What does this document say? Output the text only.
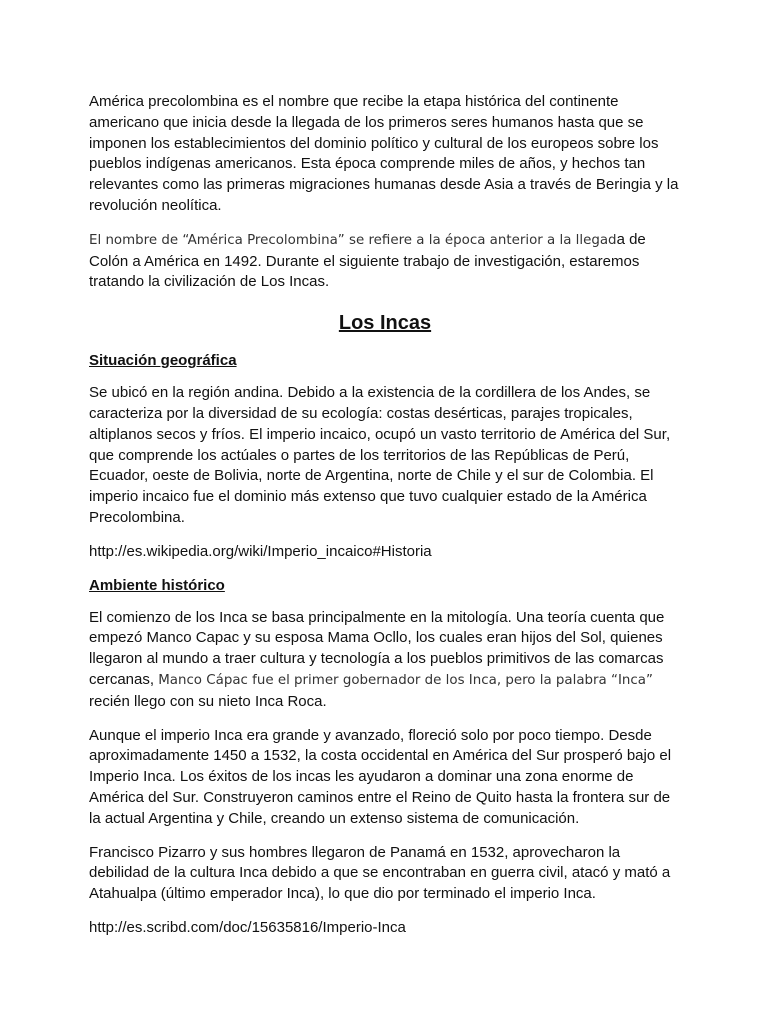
América precolombina es el nombre que recibe la etapa histórica del continente americano que inicia desde la llegada de los primeros seres humanos hasta que se imponen los establecimientos del dominio político y cultural de los europeos sobre los pueblos indígenas americanos. Esta época comprende miles de años, y hechos tan relevantes como las primeras migraciones humanas desde Asia a través de Beringia y la revolución neolítica.

El nombre de “América Precolombina” se refiere a la época anterior a la llegada de Colón a América en 1492. Durante el siguiente trabajo de investigación, estaremos tratando la civilización de Los Incas.

Los Incas
Situación geográfica

Se ubicó en la región andina. Debido a la existencia de la cordillera de los Andes, se caracteriza por la diversidad de su ecología: costas desérticas, parajes tropicales, altiplanos secos y fríos. El imperio incaico, ocupó un vasto territorio de América del Sur, que comprende los actúales o partes de los territorios de las Repúblicas de Perú, Ecuador, oeste de Bolivia, norte de Argentina, norte de Chile y el sur de Colombia. El imperio incaico fue el dominio más extenso que tuvo cualquier estado de la América Precolombina.

http://es.wikipedia.org/wiki/Imperio_incaico#Historia

Ambiente histórico

El comienzo de los Inca se basa principalmente en la mitología. Una teoría cuenta que empezó Manco Capac y su esposa Mama Ocllo, los cuales eran hijos del Sol, quienes llegaron al mundo a traer cultura y tecnología a los pueblos primitivos de las comarcas cercanas, Manco Cápac fue el primer gobernador de los Inca, pero la palabra “Inca” recién llego con su nieto Inca Roca.

Aunque el imperio Inca era grande y avanzado, floreció solo por poco tiempo. Desde aproximadamente 1450 a 1532, la costa occidental en América del Sur prosperó bajo el Imperio Inca. Los éxitos de los incas les ayudaron a dominar una zona enorme de América del Sur. Construyeron caminos entre el Reino de Quito hasta la frontera sur de la actual Argentina y Chile, creando un extenso sistema de comunicación.

Francisco Pizarro y sus hombres llegaron de Panamá en 1532, aprovecharon la debilidad de la cultura Inca debido a que se encontraban en guerra civil, atacó y mató a Atahualpa (último emperador Inca), lo que dio por terminado el imperio Inca.

http://es.scribd.com/doc/15635816/Imperio-Inca
